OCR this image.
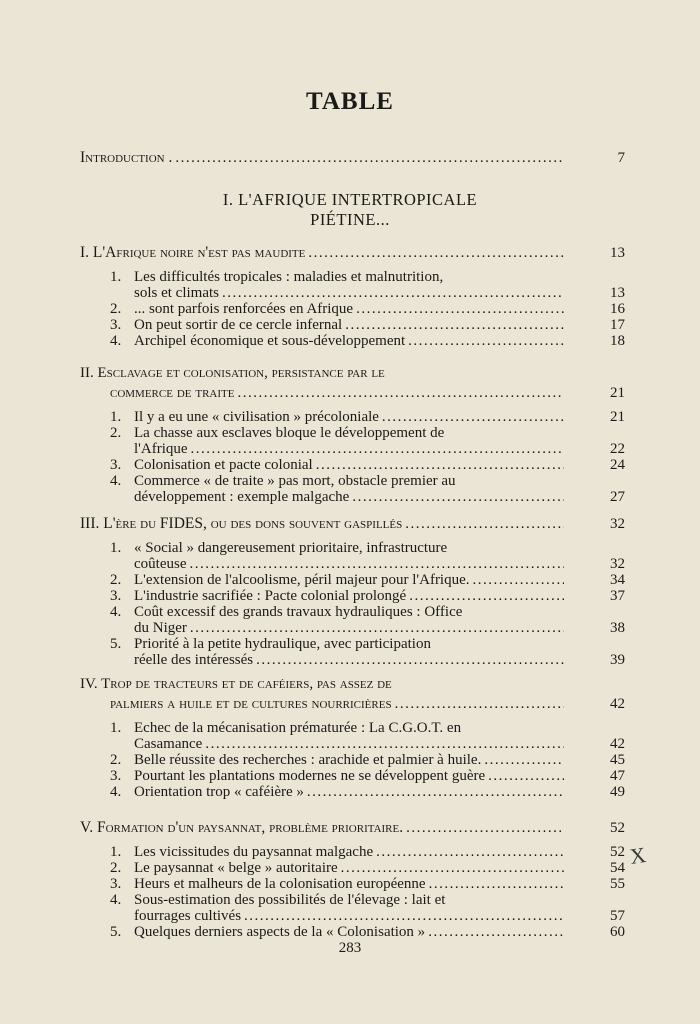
TABLE
Introduction . .....	7
I. L'AFRIQUE INTERTROPICALE
PIÉTINE...
I. L'Afrique noire n'est pas maudite .....	13
1. Les difficultés tropicales : maladies et malnutrition,
sols et climats .....	13
2. ... sont parfois renforcées en Afrique .....	16
3. On peut sortir de ce cercle infernal .....	17
4. Archipel économique et sous-développement .....	18
II. Esclavage et colonisation, persistance par le
commerce de traite .....	21
1. Il y a eu une « civilisation » précoloniale .....	21
2. La chasse aux esclaves bloque le développement de
l'Afrique .....	22
3. Colonisation et pacte colonial .....	24
4. Commerce « de traite » pas mort, obstacle premier au
développement : exemple malgache .....	27
III. L'ère du FIDES, ou des dons souvent gaspillés .....	32
1. « Social » dangereusement prioritaire, infrastructure
coûteuse .....	32
2. L'extension de l'alcoolisme, péril majeur pour l'Afrique. .....	34
3. L'industrie sacrifiée : Pacte colonial prolongé .....	37
4. Coût excessif des grands travaux hydrauliques : Office
du Niger .....	38
5. Priorité à la petite hydraulique, avec participation
réelle des intéressés .....	39
IV. Trop de tracteurs et de caféiers, pas assez de
palmiers a huile et de cultures nourricières .....	42
1. Echec de la mécanisation prématurée : La C.G.O.T. en
Casamance .....	42
2. Belle réussite des recherches : arachide et palmier à huile. .....	45
3. Pourtant les plantations modernes ne se développent guère .....	47
4. Orientation trop « caféière » .....	49
V. Formation d'un paysannat, problème prioritaire. .....	52
1. Les vicissitudes du paysannat malgache .....	52
2. Le paysannat « belge » autoritaire .....	54
3. Heurs et malheurs de la colonisation européenne .....	55
4. Sous-estimation des possibilités de l'élevage : lait et
fourrages cultivés .....	57
5. Quelques derniers aspects de la « Colonisation » .....	60
283
X
